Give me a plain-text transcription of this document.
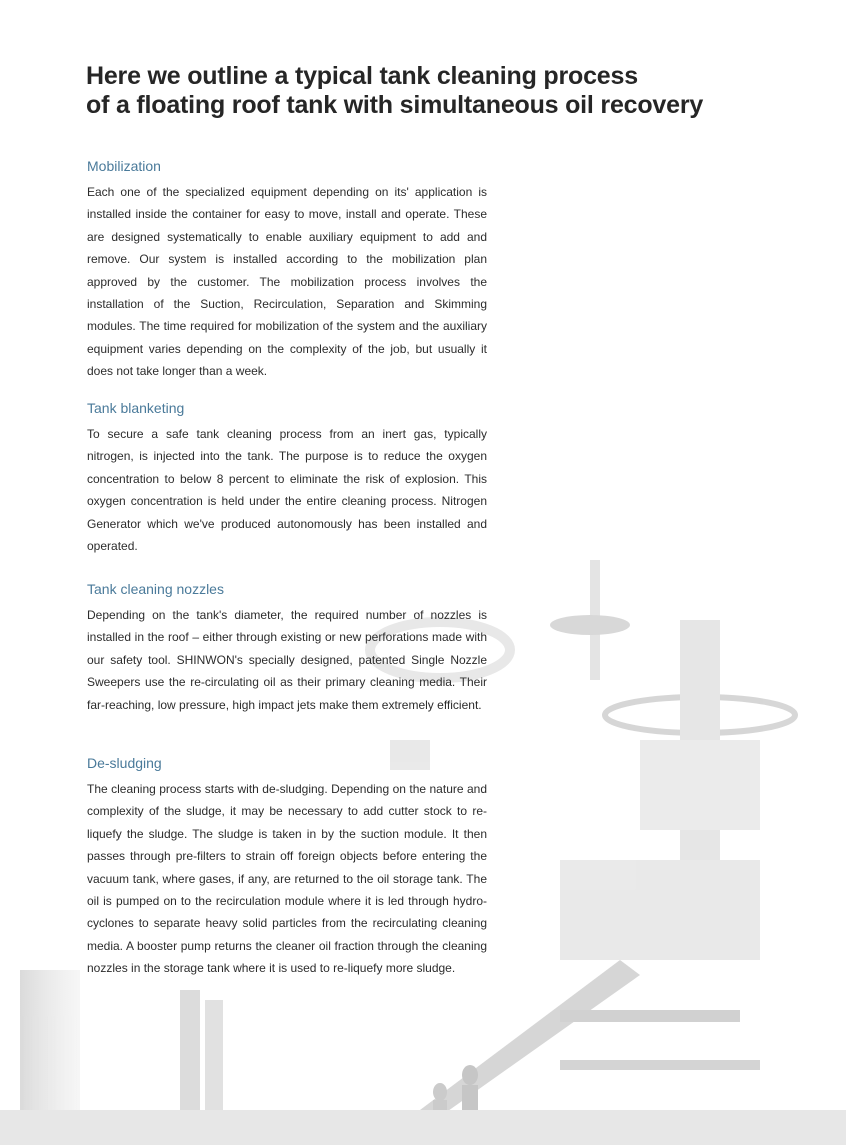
Here we outline a typical tank cleaning process
of a floating roof tank with simultaneous oil recovery
Mobilization

Each one of the specialized equipment depending on its' application is installed inside the container for easy to move, install and operate. These are designed systematically to enable auxiliary equipment to add and remove. Our system is installed according to the mobilization plan approved by the customer. The mobilization process involves the installation of the Suction, Recirculation, Separation and Skimming modules. The time required for mobilization of the system and the auxiliary equipment varies depending on the complexity of the job, but usually it does not take longer than a week.

Tank blanketing

To secure a safe tank cleaning process from an inert gas, typically nitrogen, is injected into the tank. The purpose is to reduce the oxygen concentration to below 8 percent to eliminate the risk of explosion. This oxygen concentration is held under the entire cleaning process. Nitrogen Generator which we've produced autonomously has been installed and operated.

Tank cleaning nozzles

Depending on the tank's diameter, the required number of nozzles is installed in the roof – either through existing or new perforations made with our safety tool. SHINWON's specially designed, patented Single Nozzle Sweepers use the re-circulating oil as their primary cleaning media. Their far-reaching, low pressure, high impact jets make them extremely efficient.

De-sludging

The cleaning process starts with de-sludging. Depending on the nature and complexity of the sludge, it may be necessary to add cutter stock to re-liquefy the sludge. The sludge is taken in by the suction module. It then passes through pre-filters to strain off foreign objects before entering the vacuum tank, where gases, if any, are returned to the oil storage tank. The oil is pumped on to the recirculation module where it is led through hydro-cyclones to separate heavy solid particles from the recirculating cleaning media. A booster pump returns the cleaner oil fraction through the cleaning nozzles in the storage tank where it is used to re-liquefy more sludge.
